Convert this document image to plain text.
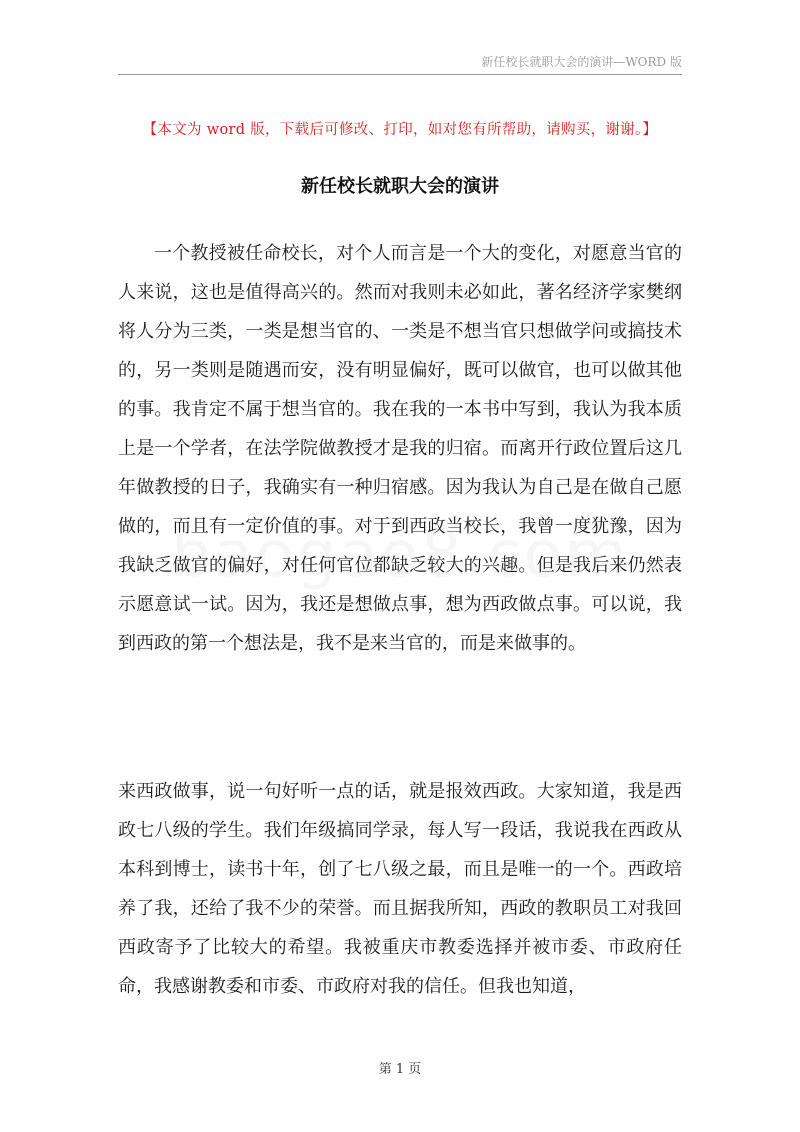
新任校长就职大会的演讲—WORD 版
【本文为 word 版，下载后可修改、打印，如对您有所帮助，请购买，谢谢。】
新任校长就职大会的演讲

一个教授被任命校长，对个人而言是一个大的变化，对愿意当官的人来说，这也是值得高兴的。然而对我则未必如此，著名经济学家樊纲将人分为三类，一类是想当官的、一类是不想当官只想做学问或搞技术的，另一类则是随遇而安，没有明显偏好，既可以做官，也可以做其他的事。我肯定不属于想当官的。我在我的一本书中写到，我认为我本质上是一个学者，在法学院做教授才是我的归宿。而离开行政位置后这几年做教授的日子，我确实有一种归宿感。因为我认为自己是在做自己愿做的，而且有一定价值的事。对于到西政当校长，我曾一度犹豫，因为我缺乏做官的偏好，对任何官位都缺乏较大的兴趣。但是我后来仍然表示愿意试一试。因为，我还是想做点事，想为西政做点事。可以说，我到西政的第一个想法是，我不是来当官的，而是来做事的。

来西政做事，说一句好听一点的话，就是报效西政。大家知道，我是西政七八级的学生。我们年级搞同学录，每人写一段话，我说我在西政从本科到博士，读书十年，创了七八级之最，而且是唯一的一个。西政培养了我，还给了我不少的荣誉。而且据我所知，西政的教职员工对我回西政寄予了比较大的希望。我被重庆市教委选择并被市委、市政府任命，我感谢教委和市委、市政府对我的信任。但我也知道，

第 1 页
